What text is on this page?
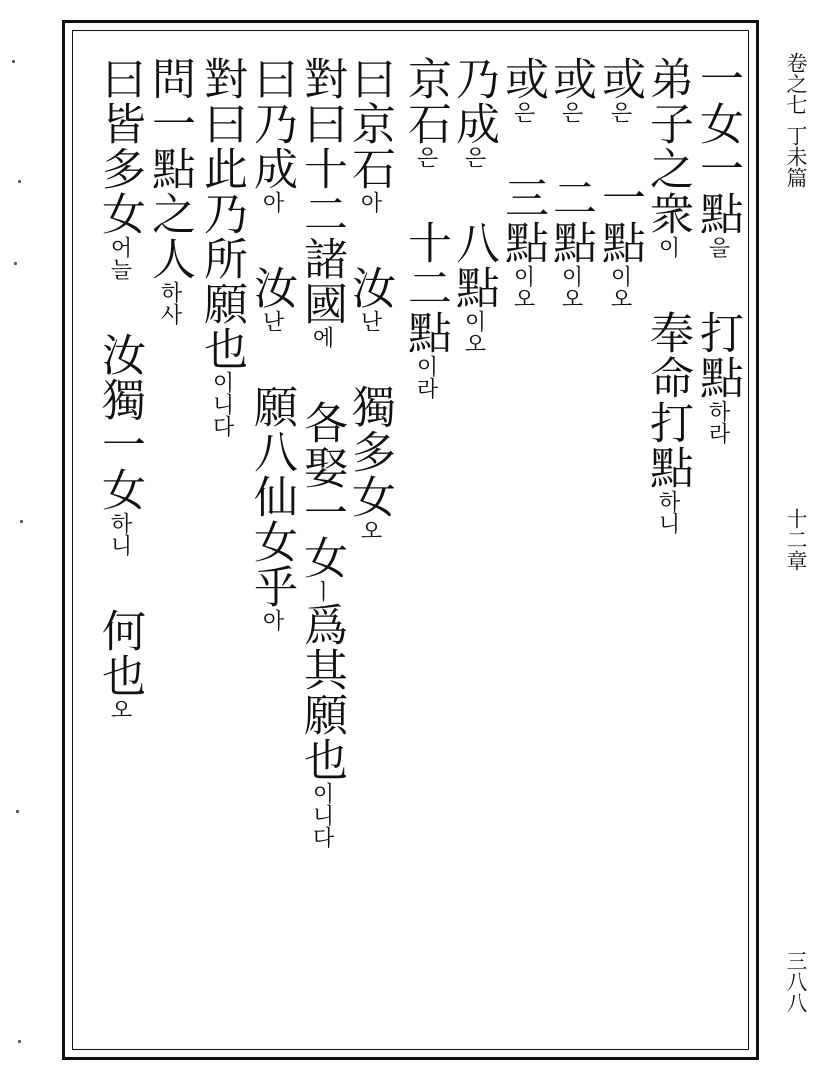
一女一點을 打點하라
弟子之衆이 奉命打點하니
或은 一點이오
或은 二點이오
或은 三點이오
乃成은 八點이오
京石은 十二點이라
曰京石아 汝난 獨多女오
對曰十二諸國에 各娶一女ㅣ爲其願也이니다
曰乃成아 汝난 願八仙女乎아
對曰此乃所願也이니다
問一點之人하사
曰皆多女어늘 汝獨一女하니 何也오
卷之七丁未篇
十二章
三八八
